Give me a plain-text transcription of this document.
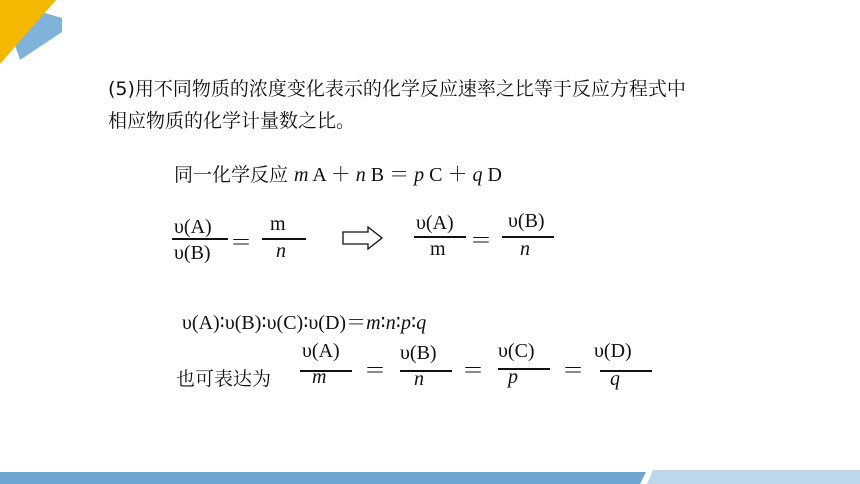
(5)用不同物质的浓度变化表示的化学反应速率之比等于反应方程式中
相应物质的化学计量数之比。
同一化学反应 m A ＋ n B ＝ p C ＋ q D
υ(A)
υ(B) ＝
m
n
υ(A)
m ＝
υ(B)
n
υ(A)∶υ(B)∶υ(C)∶υ(D)＝m∶n∶p∶q
也可表达为
υ(A)
m ＝
υ(B)
n ＝
υ(C)
p ＝
υ(D)
q
